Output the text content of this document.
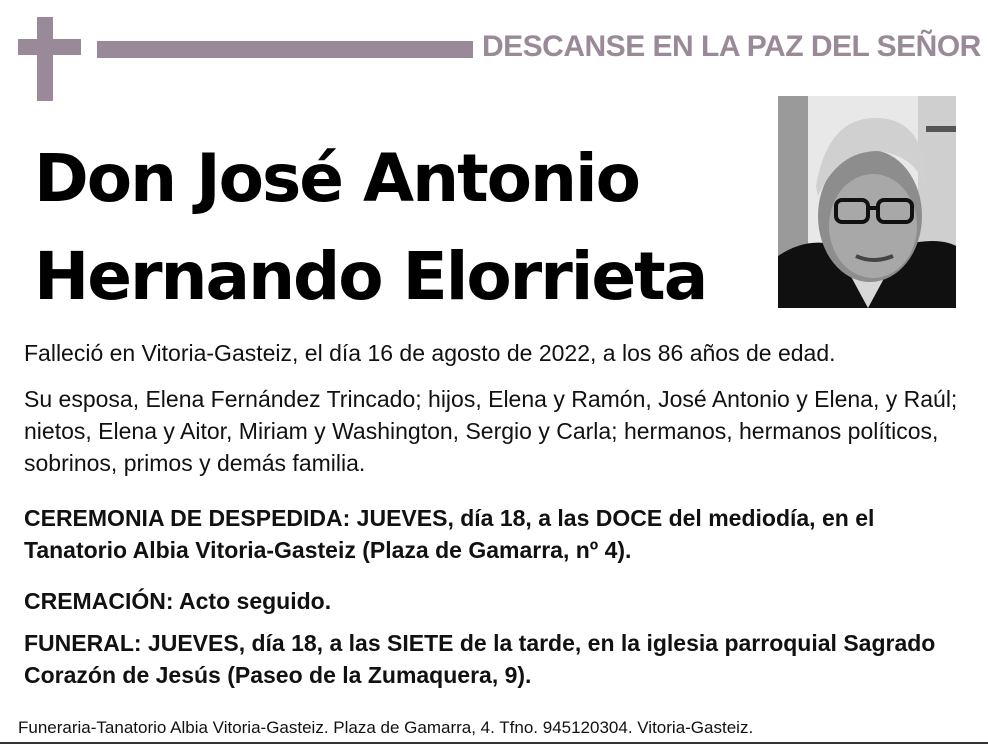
DESCANSE EN LA PAZ DEL SEÑOR
Don José Antonio
Hernando Elorrieta
Falleció en Vitoria-Gasteiz, el día 16 de agosto de 2022, a los 86 años de edad.
Su esposa, Elena Fernández Trincado; hijos, Elena y Ramón, José Antonio y Elena, y Raúl; nietos, Elena y Aitor, Miriam y Washington, Sergio y Carla; hermanos, hermanos políticos, sobrinos, primos y demás familia.
CEREMONIA DE DESPEDIDA: JUEVES, día 18, a las DOCE del mediodía, en el Tanatorio Albia Vitoria-Gasteiz (Plaza de Gamarra, nº 4).
CREMACIÓN: Acto seguido.
FUNERAL: JUEVES, día 18, a las SIETE de la tarde, en la iglesia parroquial Sagrado Corazón de Jesús (Paseo de la Zumaquera, 9).
Funeraria-Tanatorio Albia Vitoria-Gasteiz. Plaza de Gamarra, 4. Tfno. 945120304. Vitoria-Gasteiz.
